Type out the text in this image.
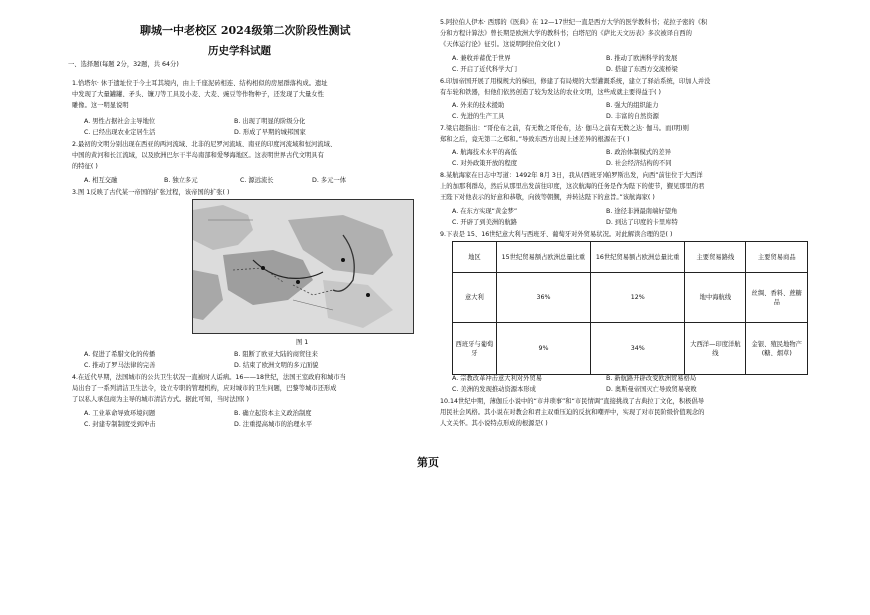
聊城一中老校区 2024级第二次阶段性测试
历史学科试题
一、选择题(每题 2分，32题，共 64分)
1.恰塔尔· 休于遗址位于今土耳其境内，由上千座泥砖相连、结构相似的房屋群落构成。遗址
中发现了大量罐罐、矛头、镰刀等工具及小麦、大麦、豌豆等作物种子，还发现了大量女性
雕像。这一明显说明
A. 男性占据社会主导地位	B. 出现了明显的阶级分化
C. 已经出现农业定居生活	D. 形成了早期的城邦国家
2.最初的文明分别出现在西亚的两河流域、北非的尼罗河流域、南亚的印度河流域和恒河流域、
中国的黄河和长江流域，以及欧洲巴尔干半岛南部和爱琴海地区。这表明世界古代文明具有
的特征( )
A. 相互交融	B. 独立多元	C. 源远流长	D. 多元一体
3.图 1反映了古代某一帝国的扩张过程，该帝国的扩张( )
图 1
A. 促进了希腊文化的传播	B. 阻断了欧亚大陆的商贸往来
C. 推动了罗马法律的完善	D. 结束了欧洲文明的多元面貌
4.在近代早期，法国城市的公共卫生状况一直被时人诟病。16——18世纪，法国王室政府和城市当
局出台了一系列清洁卫生法令，设立专职的管理机构，应对城市的卫生问题，巴黎等城市还形成
了以私人承包商为主导的城市清洁方式。据此可知，当时法国( )
A. 工业革命导致环境问题	B. 确立起资本主义政治制度
C. 封建专制制度受到冲击	D. 注重提高城市的治理水平
5.阿拉伯人伊本· 西那的《医典》在 12—17世纪一直是西方大学的医学教科书；花拉子密的《积
分和方程计算法》曾长期是欧洲大学的教科书；白塔尼的《萨比天文历表》多次被译自西的
《天体运行论》征引。这说明阿拉伯文化( )
A. 兼收并蓄优于世界	B. 推动了欧洲科学的发展
C. 开启了近代科学大门	D. 搭建了东西方交流桥梁
6.印加帝国开展了用模规大的梯田，修建了有局规的大型灌溉系统，建立了驿站系统，印加人并没
有车轮和铁器，但他们依然创造了较为发达的农业文明，这些成就主要得益于( )
A. 外来的技术援助	B. 强大的组织能力
C. 先进的生产工具	D. 丰富的自然资源
7.梁启超指出：“哥伦布之前，有无数之哥伦布，达· 伽马之前有无数之达· 伽马。而(明)则
郑和之后，竟无第二之郑和。”导致东西方出现上述差异的根源在于( )
A. 航海技术水平的高低	B. 政治体制模式的差异
C. 对外政策开放的程度	D. 社会经济结构的不同
8.某航海家在日志中写道：1492年 8月 3日，我从(西班牙)帕罗斯出发，向西”前往位于大西洋
上的加那利群岛，然后从那里出发前往印度，这次航海的任务是作为陛下的使节，觐见那里的君
王陛下对他表示的好意和恭敬，向彼等朝觐，并转达陛下的意旨。”该航海家( )
A. 在东方实现“黄金梦”	B. 途径非洲最南端好望角
C. 开辟了到美洲的航路	D. 到达了印度的卡里库特
9.下表是 15、16世纪意大利与西班牙、葡萄牙对外贸易状况。对此解读合理的是( )
地区	15世纪贸易额占欧洲总量比重	16世纪贸易额占欧洲总量比重	主要贸易路线	主要贸易商品
意大利	36%	12%	地中海航线	丝绸、香料、蔗糖品
西班牙与葡萄牙	9%	34%	大西洋—印度洋航线	金银、殖民地物产(糖、烟草)
A. 宗教改革冲击意大利对外贸易	B. 新航路开辟改变欧洲贸易格局
C. 美洲的发现推动资源本形成	D. 奥斯曼帝国灭亡导致贸易衰败
10.14世纪中期，薄伽丘小说中的“市井琐事”和“市民情调”直接挑战了古典拉丁文化，积极倡导
用民社会风格。其小说在对教会和君主双重压迫的反抗和嘲弄中，实现了对市民阶级价值观念的
人文关怀。其小说特点形成的根源是( )
第页
